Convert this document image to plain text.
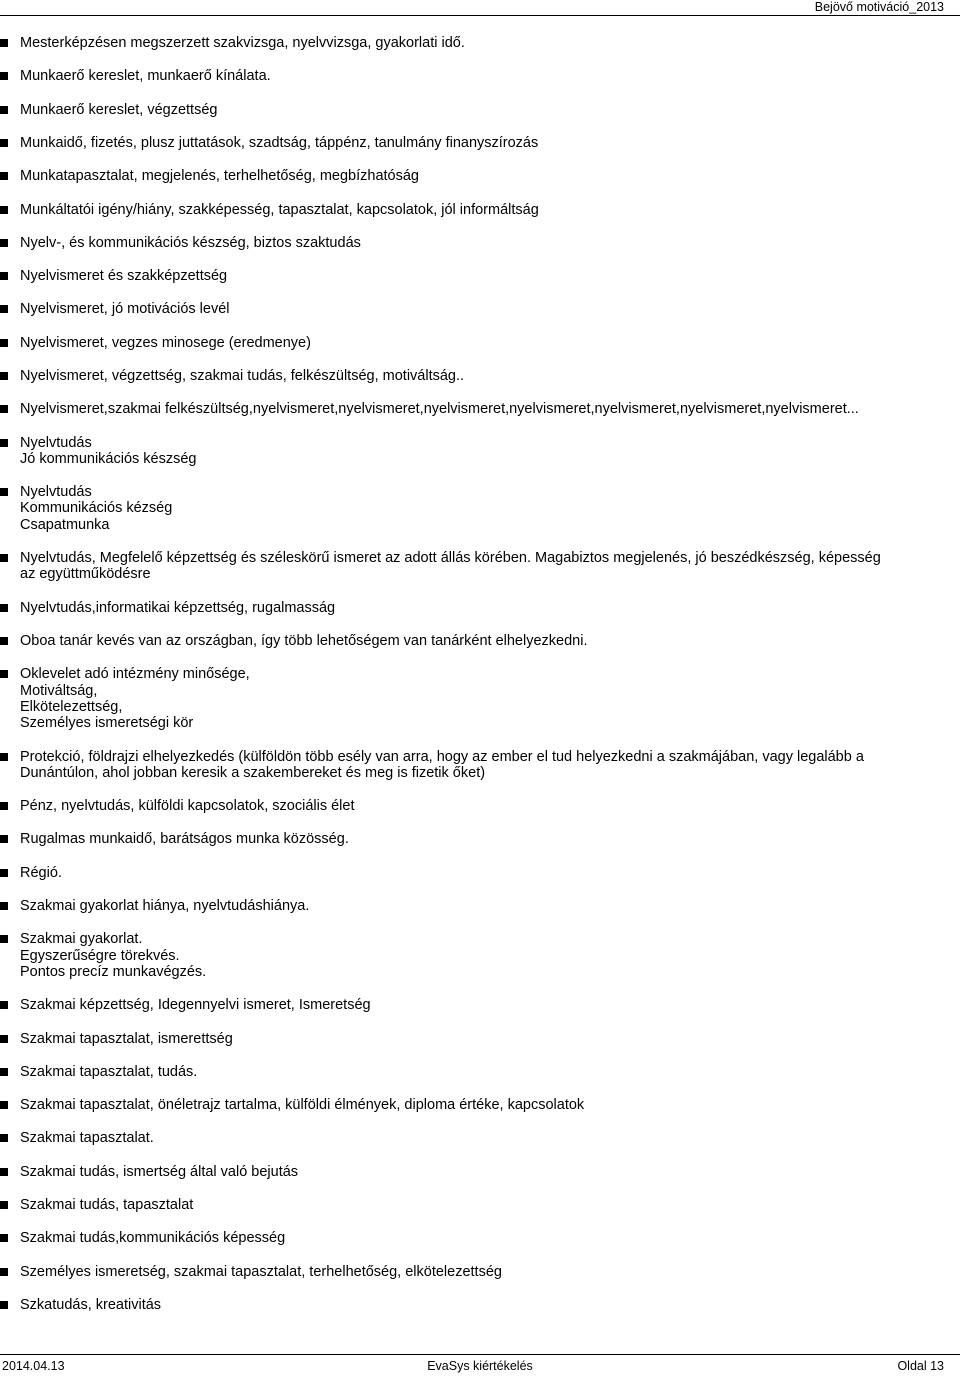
Bejövő motiváció_2013
Mesterképzésen megszerzett szakvizsga, nyelvvizsga, gyakorlati idő.
Munkaerő kereslet, munkaerő kínálata.
Munkaerő kereslet, végzettség
Munkaidő, fizetés, plusz juttatások, szadtság, táppénz, tanulmány finanyszírozás
Munkatapasztalat, megjelenés, terhelhetőség, megbízhatóság
Munkáltatói igény/hiány, szakképesség, tapasztalat, kapcsolatok, jól informáltság
Nyelv-, és kommunikációs készség, biztos szaktudás
Nyelvismeret és szakképzettség
Nyelvismeret, jó motivációs levél
Nyelvismeret, vegzes minosege (eredmenye)
Nyelvismeret, végzettség, szakmai tudás, felkészültség, motiváltság..
Nyelvismeret,szakmai felkészültség,nyelvismeret,nyelvismeret,nyelvismeret,nyelvismeret,nyelvismeret,nyelvismeret,nyelvismeret...
Nyelvtudás
Jó kommunikációs készség
Nyelvtudás
Kommunikációs kézség
Csapatmunka
Nyelvtudás, Megfelelő képzettség és széleskörű ismeret az adott állás körében. Magabiztos megjelenés, jó beszédkészség, képesség
az együttműködésre
Nyelvtudás,informatikai képzettség, rugalmasság
Oboa tanár kevés van az országban, így több lehetőségem van tanárként elhelyezkedni.
Oklevelet adó intézmény minősége,
Motiváltság,
Elkötelezettség,
Személyes ismeretségi kör
Protekció, földrajzi elhelyezkedés (külföldön több esély van arra, hogy az ember el tud helyezkedni a szakmájában, vagy legalább a
Dunántúlon, ahol jobban keresik a szakembereket és meg is fizetik őket)
Pénz, nyelvtudás, külföldi kapcsolatok, szociális élet
Rugalmas munkaidő, barátságos munka közösség.
Régió.
Szakmai gyakorlat hiánya, nyelvtudáshiánya.
Szakmai gyakorlat.
Egyszerűségre törekvés.
Pontos precíz munkavégzés.
Szakmai képzettség, Idegennyelvi ismeret, Ismeretség
Szakmai tapasztalat, ismerettség
Szakmai tapasztalat, tudás.
Szakmai tapasztalat, önéletrajz tartalma, külföldi élmények, diploma értéke, kapcsolatok
Szakmai tapasztalat.
Szakmai tudás, ismertség által való bejutás
Szakmai tudás, tapasztalat
Szakmai tudás,kommunikációs képesség
Személyes ismeretség, szakmai tapasztalat, terhelhetőség, elkötelezettség
Szkatudás, kreativitás
2014.04.13	EvaSys kiértékelés	Oldal 13
